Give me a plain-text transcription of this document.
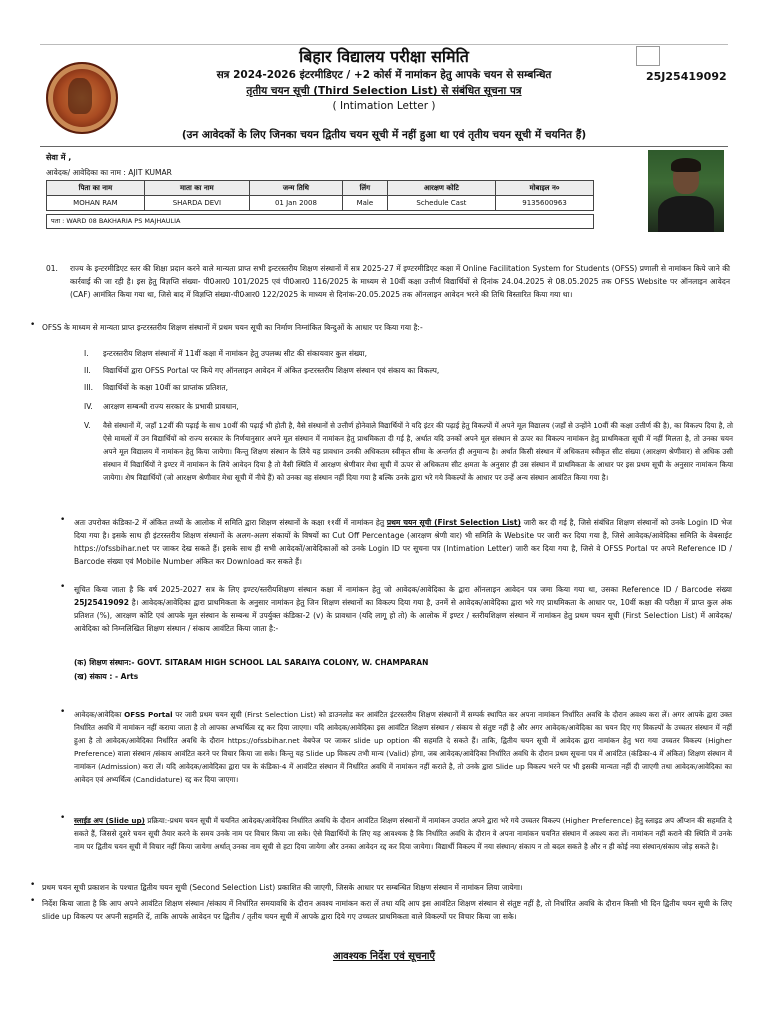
बिहार विद्यालय परीक्षा समिति
सत्र 2024-2026 इंटरमीडिएट / +2 कोर्स में नामांकन हेतु आपके चयन से सम्बन्धित
तृतीय चयन सूची (Third Selection List) से संबंधित सूचना पत्र
( Intimation Letter )
25J25419092
(उन आवेदकों के लिए जिनका चयन द्वितीय चयन सूची में नहीं हुआ था एवं तृतीय चयन सूची में चयनित हैं)
सेवा में ,
आवेदक/ आवेदिका का नाम : AJIT KUMAR
पिता का नाम	माता का नाम	जन्म तिथि	लिंग	आरक्षण कोटि	मोबाइल न०
MOHAN RAM	SHARDA DEVI	01 Jan 2008	Male	Schedule Cast	9135600963
पता : WARD 08 BAKHARIA PS MAJHAULIA
01.	राज्य के इन्टरमीडिएट स्तर की शिक्षा प्रदान करने वाले मान्यता प्राप्त सभी इन्टरस्तरीय शिक्षण संस्थानों में सत्र 2025-27 में इण्टरमीडिएट कक्षा में Online Facilitation System for Students (OFSS) प्रणाली से नामांकन किये जाने की कार्रवाई की जा रही है। इस हेतु विज्ञप्ति संख्या- पी0आर0 101/2025 एवं पी0आर0 116/2025 के माध्यम से 10वीं कक्षा उत्तीर्ण विद्यार्थियों से दिनांक 24.04.2025 से 08.05.2025 तक OFSS Website पर ऑनलाइन आवेदन (CAF) आमंत्रित किया गया था, जिसे बाद में विज्ञप्ति संख्या-पी0आर0 122/2025 के माध्यम से दिनांक-20.05.2025 तक ऑनलाइन आवेदन भरने की तिथि विस्तारित किया गया था।
• OFSS के माध्यम से मान्यता प्राप्त इन्टरस्तरीय शिक्षण संस्थानों में प्रथम चयन सूची का निर्माण निम्नांकित बिन्दुओं के आधार पर किया गया है:-
I.	इन्टरस्तरीय शिक्षण संस्थानों में 11वीं कक्षा में नामांकन हेतु उपलब्ध सीट की संकायवार कुल संख्या,
II.	विद्यार्थियों द्वारा OFSS Portal पर किये गए ऑनलाइन आवेदन में अंकित इन्टरस्तरीय शिक्षण संस्थान एवं संकाय का विकल्प,
III.	विद्यार्थियों के कक्षा 10वीं का प्राप्तांक प्रतिशत,
IV.	आरक्षण सम्बन्धी राज्य सरकार के प्रभावी प्रावधान,
V.	वैसे संस्थानों में, जहाँ 12वीं की पढ़ाई के साथ 10वीं की पढ़ाई भी होती है, वैसे संस्थानों से उत्तीर्ण होनेवाले विद्यार्थियों ने यदि इंटर की पढ़ाई हेतु विकल्पों में अपने मूल विद्यालय (जहाँ से उन्होंने 10वीं की कक्षा उत्तीर्ण की है), का विकल्प दिया है, तो ऐसे मामलों में उन विद्यार्थियों को राज्य सरकार के निर्णयानुसार अपने मूल संस्थान में नामांकन हेतु प्राथमिकता दी गई है, अर्थात यदि उनकों अपने मूल संस्थान से ऊपर का विकल्प नामांकन हेतु प्राथमिकता सूची में नहीं मिलता है, तो उनका चयन अपने मूल विद्यालय में नामांकन हेतु किया जायेगा। किन्तु शिक्षण संस्थान के लिये यह प्रावधान उनकी अधिकतम स्वीकृत सीमा के अन्तर्गत ही अनुमान्य है। अर्थात किसी संस्थान में अधिकतम स्वीकृत सीट संख्या (आरक्षण श्रेणीवार) से अधिक उसी संस्थान में विद्यार्थियों ने इण्टर में नामांकन के लिये आवेदन दिया है तो वैसी स्थिति में आरक्षण श्रेणीवार मेधा सूची में ऊपर से अधिकतम सीट क्षमता के अनुसार ही उस संस्थान में प्राथमिकता के आधार पर इस प्रथम सूची के अनुसार नामांकन किया जायेगा। शेष विद्यार्थियों (जो आरक्षण श्रेणीवार मेधा सूची में नीचे हैं) को उनका वह संस्थान नहीं दिया गया है बल्कि उनके द्वारा भरे गये विकल्पों के आधार पर उन्हें अन्य संस्थान आवंटित किया गया है।
• अतः उपरोक्त कंडिका-2 में अंकित तथ्यों के आलोक में समिति द्वारा शिक्षण संस्थानों के कक्षा ११वीं में नामांकन हेतु प्रथम चयन सूची (First Selection List) जारी कर दी गई है, जिसे संबंधित शिक्षण संस्थानों को उनके Login ID भेज दिया गया है। इसके साथ ही इंटरस्तरीय शिक्षण संस्थानों के अलग-अलग संकायों के विषयों का Cut Off Percentage (आरक्षण श्रेणी वार) भी समिति के Website पर जारी कर दिया गया है, जिसे आवेदक/आवेदिका समिति के वेबसाईट https://ofssbihar.net पर जाकर देख सकते हैं। इसके साथ ही सभी आवेदकों/आवेदिकाओं को उनके Login ID पर सूचना पत्र (Intimation Letter) जारी कर दिया गया है, जिसे वे OFSS Portal पर अपने Reference ID / Barcode संख्या एवं Mobile Number अंकित कर Download कर सकते हैं।
• सूचित किया जाता है कि वर्ष 2025-2027 सत्र के लिए इण्टर/स्तरीयशिक्षण संस्थान कक्षा में नामांकन हेतु जो आवेदक/आवेदिका के द्वारा ऑनलाइन आवेदन पत्र जमा किया गया था, उसका Reference ID / Barcode संख्या 25J25419092 है। आवेदक/आवेदिका द्वारा प्राथमिकता के अनुसार नामांकन हेतु जिन शिक्षण संस्थानों का विकल्प दिया गया है, उनमें से आवेदक/आवेदिका द्वारा भरे गए प्राथमिकता के आधार पर, 10वीं कक्षा की परीक्षा में प्राप्त कुल अंक प्रतिशत (%), आरक्षण कोटि एवं आपके मूल संस्थान के सम्बन्ध में उपर्युक्त कंडिका-2 (v) के प्रावधान (यदि लागू हो तो) के आलोक में इण्टर / स्तरीयशिक्षण संस्थान में नामांकन हेतु प्रथम चयन सूची (First Selection List) में आवेदक/आवेदिका को निम्नलिखित शिक्षण संस्थान / संकाय आवंटित किया जाता है:-
(क) शिक्षण संस्थान:- GOVT. SITARAM HIGH SCHOOL LAL SARAIYA COLONY, W. CHAMPARAN
(ख) संकाय : - Arts
• आवेदक/आवेदिका OFSS Portal पर जारी प्रथम चयन सूची (First Selection List) को डाउनलोड कर आवंटित इंटरस्तरीय शिक्षण संस्थानों में सम्पर्क स्थापित कर अपना नामांकन निर्धारित अवधि के दौरान अवश्य करा लें। अगर आपके द्वारा उक्त निर्धारित अवधि में नामांकन नहीं कराया जाता है तो आपका अभ्यर्थित्व रद्द कर दिया जाएगा। यदि आवेदक/आवेदिका इस आवंटित शिक्षण संस्थान / संकाय से संतुष्ट नहीं है और अगर आवेदक/आवेदिका का चयन दिए गए विकल्पों के उच्चतर संस्थान में नहीं हुआ है तो आवेदक/आवेदिका निर्धारित अवधि के दौरान https://ofssbihar.net वेबपेज पर जाकर slide up option की सहमति दे सकते हैं। ताकि, द्वितीय चयन सूची में आवेदक द्वारा नामांकन हेतु भरा गया उच्चतर विकल्प (Higher Preference) वाला संस्थान /संकाय आवंटित करने पर विचार किया जा सके। किन्तु यह Slide up विकल्प तभी मान्य (Valid) होगा, जब आवेदक/आवेदिका निर्धारित अवधि के दौरान प्रथम सूचना पत्र में आवंटित (कंडिका-4 में अंकित) शिक्षण संस्थान में नामांकन (Admission) करा लें। यदि आवेदक/आवेदिका द्वारा पत्र के कंडिका-4 में आवंटित संस्थान में निर्धारित अवधि में नामांकन नहीं कराते है, तो उनके द्वारा Slide up विकल्प भरने पर भी इसकी मान्यता नहीं दी जाएगी तथा आवेदक/आवेदिका का आवेदन एवं अभ्यर्थित्व (Candidature) रद्द कर दिया जाएगा।
• स्लाईड अप (Slide up) प्रक्रिया:-प्रथम चयन सूची में चयनित आवेदक/आवेदिका निर्धारित अवधि के दौरान आवंटित शिक्षण संस्थानों में नामांकन उपरांत अपने द्वारा भरे गये उच्चतर विकल्प (Higher Preference) हेतु स्लाइड अप ऑप्शन की सहमति दे सकते हैं, जिससे दूसरे चयन सूची तैयार करने के समय उनके नाम पर विचार किया जा सके। ऐसे विद्यार्थियों के लिए यह आवश्यक है कि निर्धारित अवधि के दौरान वे अपना नामांकन चयनित संस्थान में अवश्य करा लें। नामांकन नहीं कराने की स्थिति में उनके नाम पर द्वितीय चयन सूची में विचार नहीं किया जायेगा अर्थात् उनका नाम सूची से हटा दिया जायेगा और उनका आवेदन रद्द कर दिया जायेगा। विद्यार्थी विकल्प में नया संस्थान/ संकाय न तो बदल सकते है और न ही कोई नया संस्थान/संकाय जोड़ सकते है।
• प्रथम चयन सूची प्रकाशन के पश्चात द्वितीय चयन सूची (Second Selection List) प्रकाशित की जाएगी, जिसके आधार पर सम्बन्धित शिक्षण संस्थान में नामांकन लिया जायेगा।
• निर्देश किया जाता है कि आप अपने आवंटित शिक्षण संस्थान /संकाय में निर्धारित समयावधि के दौरान अवश्य नामांकन करा लें तथा यदि आप इस आवंटित शिक्षण संस्थान से संतुष्ट नहीं है, तो निर्धारित अवधि के दौरान किसी भी दिन द्वितीय चयन सूची के लिए slide up विकल्प पर अपनी सहमति दें, ताकि आपके आवेदन पर द्वितीय / तृतीय चयन सूची में आपके द्वारा दिये गए उच्चतर प्राथमिकता वाले विकल्पों पर विचार किया जा सके।
आवश्यक निर्देश एवं सूचनाएँ
